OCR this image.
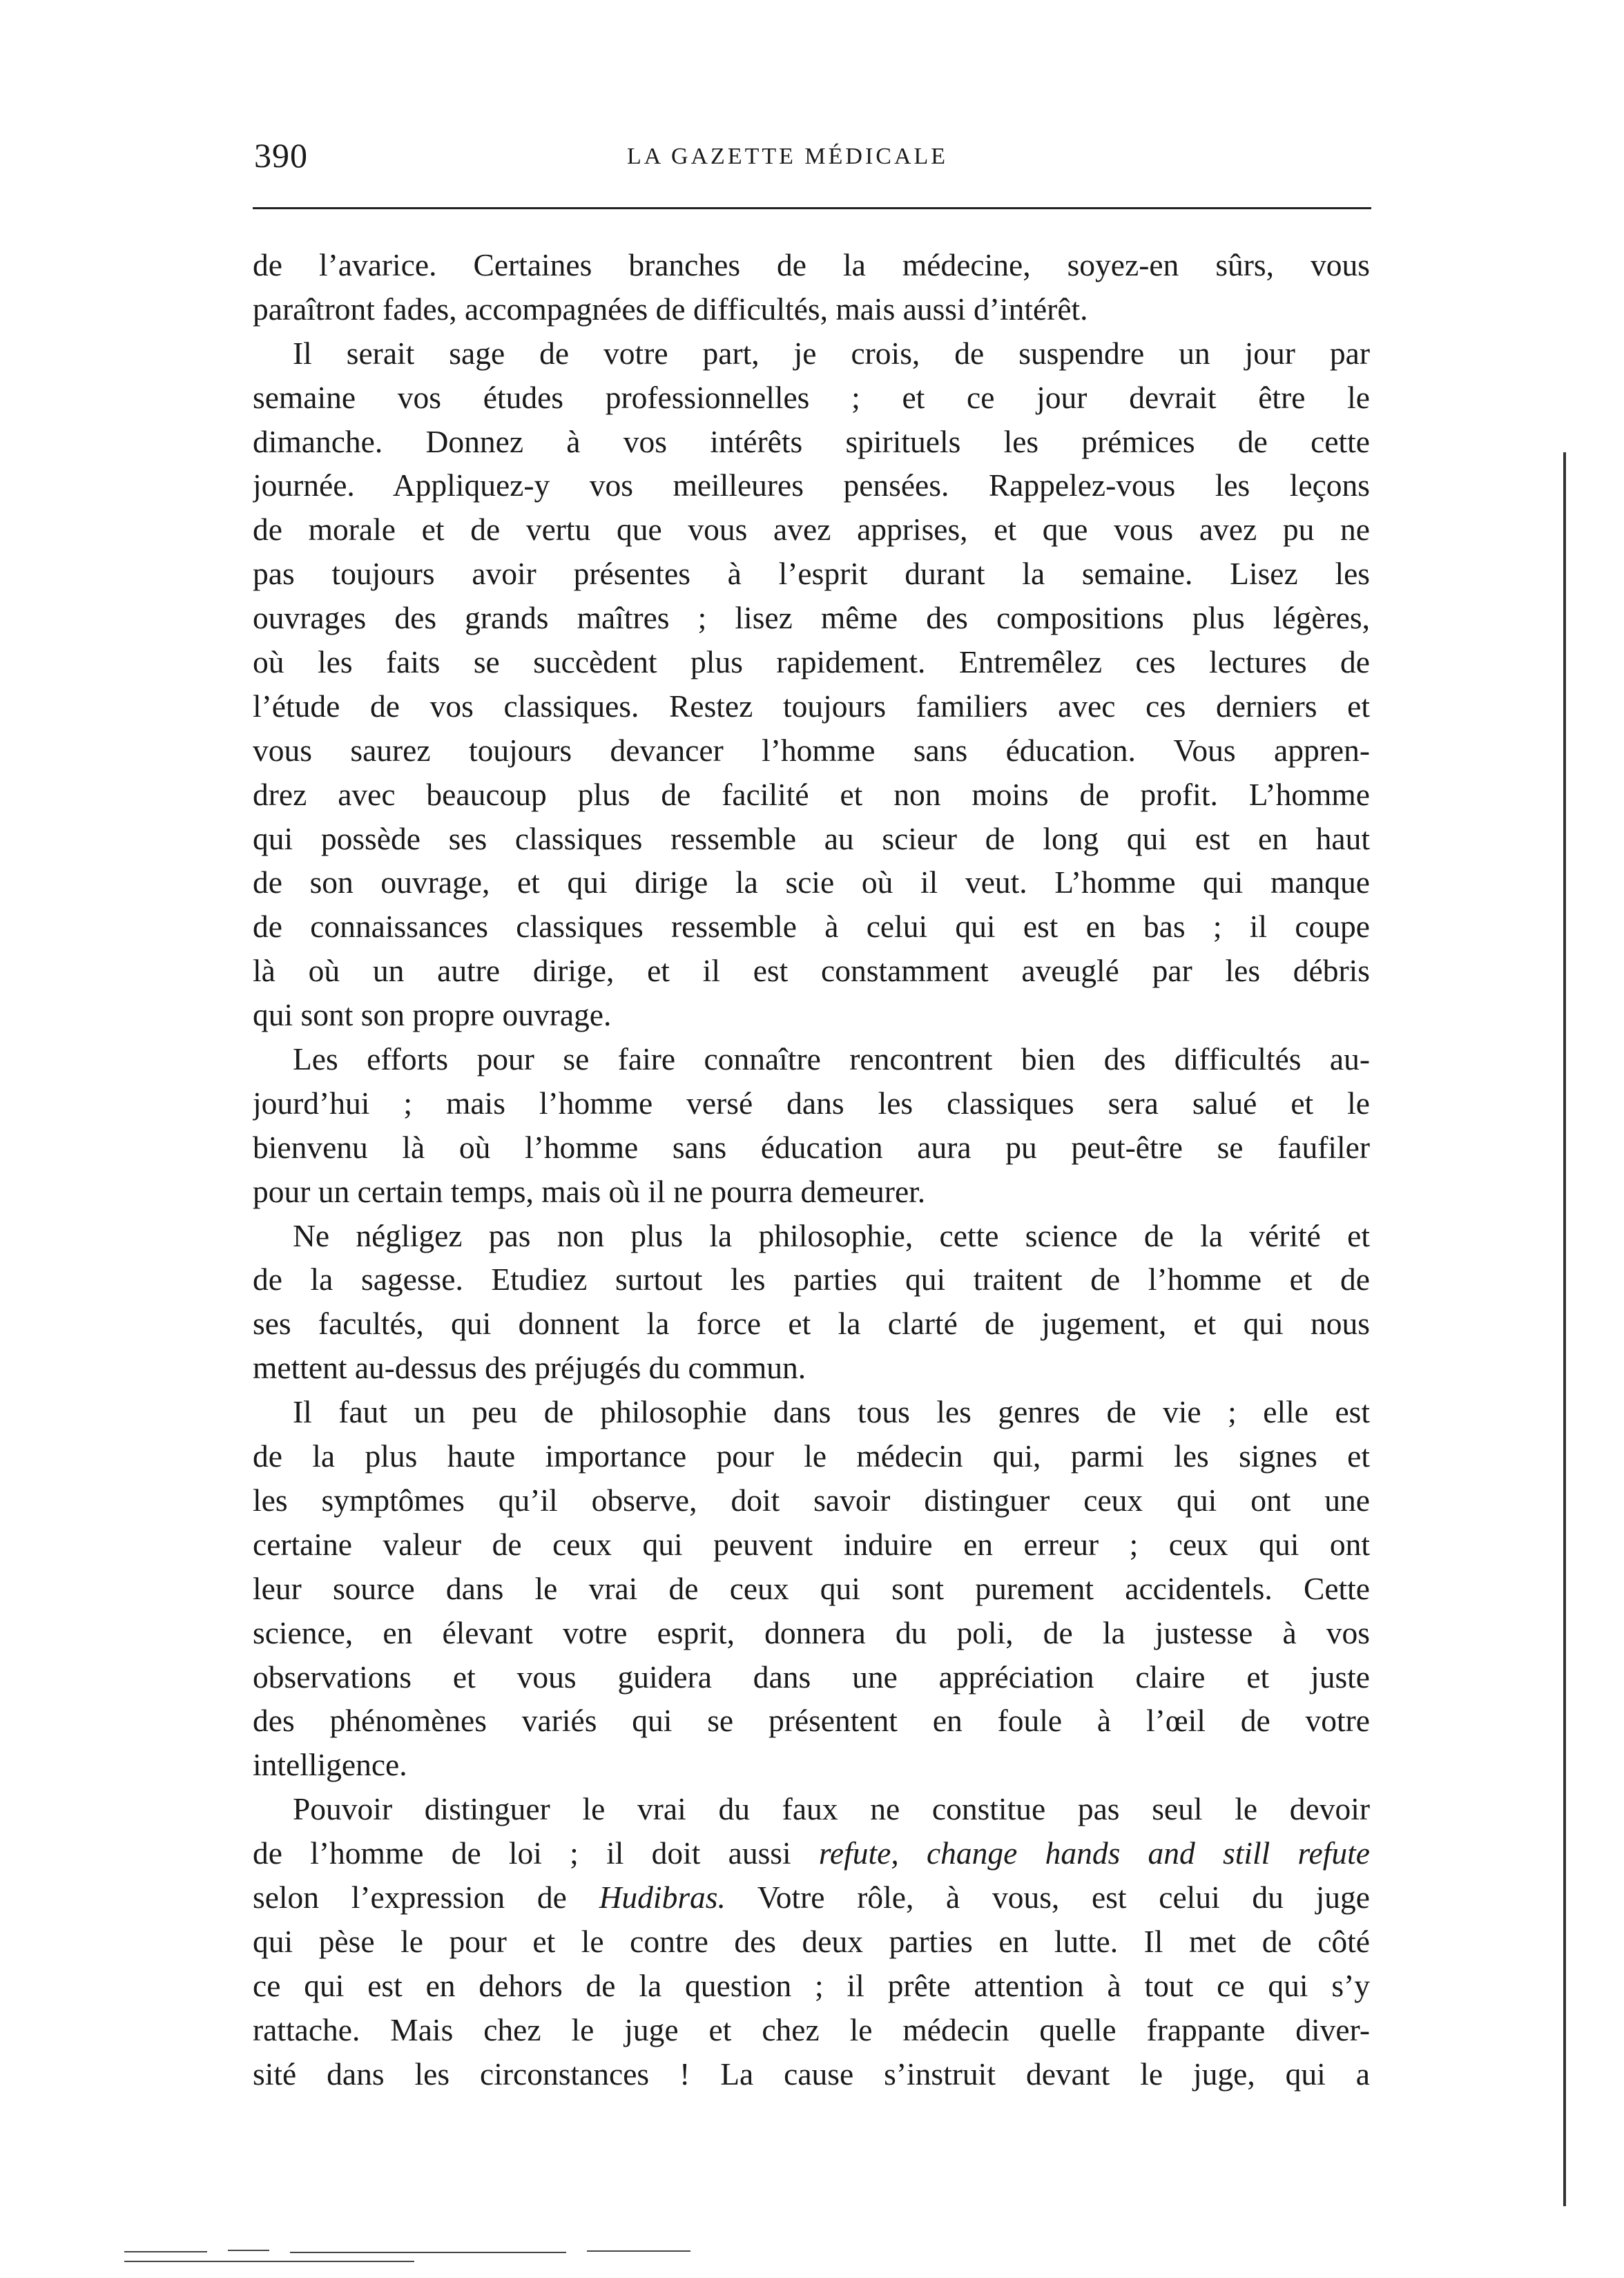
390	LA GAZETTE MÉDICALE
de l’avarice. Certaines branches de la médecine, soyez-en sûrs, vous
paraîtront fades, accompagnées de difficultés, mais aussi d’intérêt.
Il serait sage de votre part, je crois, de suspendre un jour par
semaine vos études professionnelles ; et ce jour devrait être le
dimanche. Donnez à vos intérêts spirituels les prémices de cette
journée. Appliquez-y vos meilleures pensées. Rappelez-vous les leçons
de morale et de vertu que vous avez apprises, et que vous avez pu ne
pas toujours avoir présentes à l’esprit durant la semaine. Lisez les
ouvrages des grands maîtres ; lisez même des compositions plus légères,
où les faits se succèdent plus rapidement. Entremêlez ces lectures de
l’étude de vos classiques. Restez toujours familiers avec ces derniers et
vous saurez toujours devancer l’homme sans éducation. Vous appren-
drez avec beaucoup plus de facilité et non moins de profit. L’homme
qui possède ses classiques ressemble au scieur de long qui est en haut
de son ouvrage, et qui dirige la scie où il veut. L’homme qui manque
de connaissances classiques ressemble à celui qui est en bas ; il coupe
là où un autre dirige, et il est constamment aveuglé par les débris
qui sont son propre ouvrage.
Les efforts pour se faire connaître rencontrent bien des difficultés au-
jourd’hui ; mais l’homme versé dans les classiques sera salué et le
bienvenu là où l’homme sans éducation aura pu peut-être se faufiler
pour un certain temps, mais où il ne pourra demeurer.
Ne négligez pas non plus la philosophie, cette science de la vérité et
de la sagesse. Etudiez surtout les parties qui traitent de l’homme et de
ses facultés, qui donnent la force et la clarté de jugement, et qui nous
mettent au-dessus des préjugés du commun.
Il faut un peu de philosophie dans tous les genres de vie ; elle est
de la plus haute importance pour le médecin qui, parmi les signes et
les symptômes qu’il observe, doit savoir distinguer ceux qui ont une
certaine valeur de ceux qui peuvent induire en erreur ; ceux qui ont
leur source dans le vrai de ceux qui sont purement accidentels. Cette
science, en élevant votre esprit, donnera du poli, de la justesse à vos
observations et vous guidera dans une appréciation claire et juste
des phénomènes variés qui se présentent en foule à l’œil de votre
intelligence.
Pouvoir distinguer le vrai du faux ne constitue pas seul le devoir
de l’homme de loi ; il doit aussi refute, change hands and still refute
selon l’expression de Hudibras. Votre rôle, à vous, est celui du juge
qui pèse le pour et le contre des deux parties en lutte. Il met de côté
ce qui est en dehors de la question ; il prête attention à tout ce qui s’y
rattache. Mais chez le juge et chez le médecin quelle frappante diver-
sité dans les circonstances ! La cause s’instruit devant le juge, qui a
